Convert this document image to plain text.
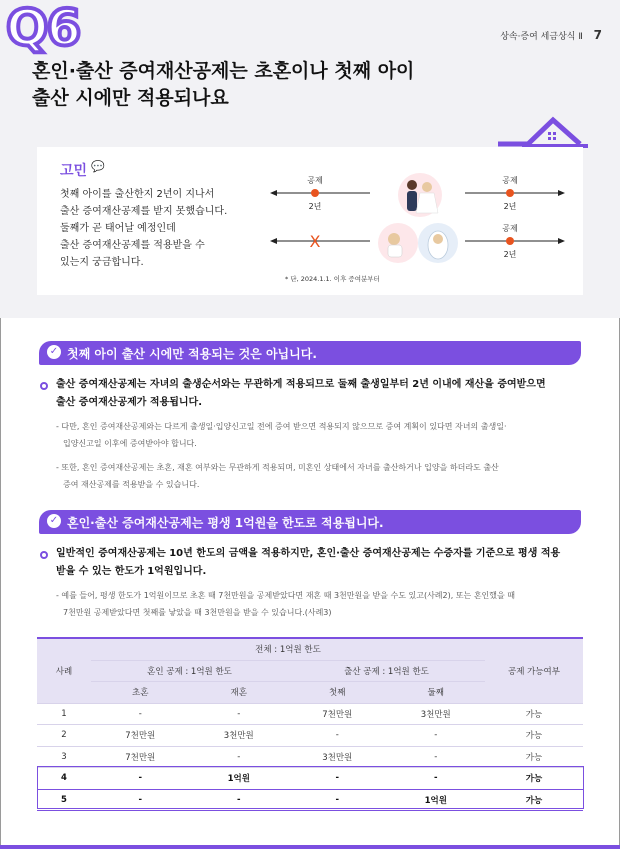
Q6	상속·증여 세금상식 Ⅱ 7
혼인·출산 증여재산공제는 초혼이나 첫째 아이
출산 시에만 적용되나요
고민 💬
첫째 아이를 출산한지 2년이 지나서
출산 증여재산공제를 받지 못했습니다.
둘째가 곧 태어날 예정인데
출산 증여재산공제를 적용받을 수
있는지 궁금합니다.
공제
2년
공제
2년
X
공제
2년
* 단, 2024.1.1. 이후 증여분부터
✓ 첫째 아이 출산 시에만 적용되는 것은 아닙니다.
출산 증여재산공제는 자녀의 출생순서와는 무관하게 적용되므로 둘째 출생일부터 2년 이내에 재산을 증여받으면
출산 증여재산공제가 적용됩니다.
- 다만, 혼인 증여재산공제와는 다르게 출생일·입양신고일 전에 증여 받으면 적용되지 않으므로 증여 계획이 있다면 자녀의 출생일·
입양신고일 이후에 증여받아야 합니다.
- 또한, 혼인 증여재산공제는 초혼, 재혼 여부와는 무관하게 적용되며, 미혼인 상태에서 자녀를 출산하거나 입양을 하더라도 출산
증여 재산공제를 적용받을 수 있습니다.
✓ 혼인·출산 증여재산공제는 평생 1억원을 한도로 적용됩니다.
일반적인 증여재산공제는 10년 한도의 금액을 적용하지만, 혼인·출산 증여재산공제는 수증자를 기준으로 평생 적용
받을 수 있는 한도가 1억원입니다.
- 예를 들어, 평생 한도가 1억원이므로 초혼 때 7천만원을 공제받았다면 재혼 때 3천만원을 받을 수도 있고(사례2), 또는 혼인했을 때
7천만원 공제받았다면 첫째를 낳았을 때 3천만원을 받을 수 있습니다.(사례3)
사례	전체 : 1억원 한도				공제 가능여부
	혼인 공제 : 1억원 한도		출산 공제 : 1억원 한도		
	초혼	재혼	첫째	둘째	
1	-	-	7천만원	3천만원	가능
2	7천만원	3천만원	-	-	가능
3	7천만원	-	3천만원	-	가능
4	-	1억원	-	-	가능
5	-	-	-	1억원	가능
